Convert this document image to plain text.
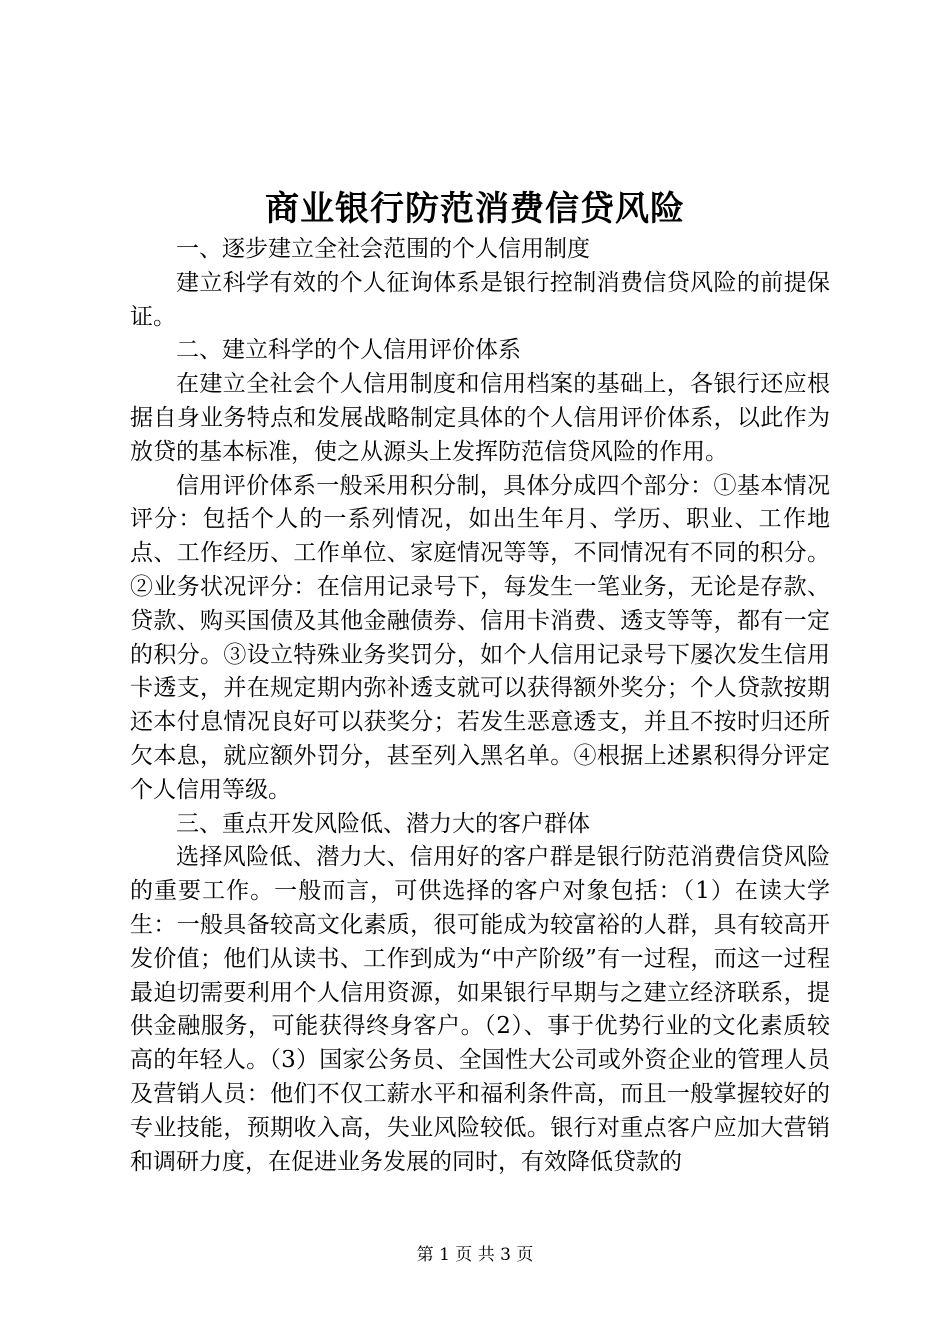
商业银行防范消费信贷风险

一、逐步建立全社会范围的个人信用制度

建立科学有效的个人征询体系是银行控制消费信贷风险的前提保证。

二、建立科学的个人信用评价体系

在建立全社会个人信用制度和信用档案的基础上，各银行还应根据自身业务特点和发展战略制定具体的个人信用评价体系，以此作为放贷的基本标准，使之从源头上发挥防范信贷风险的作用。

信用评价体系一般采用积分制，具体分成四个部分：①基本情况评分：包括个人的一系列情况，如出生年月、学历、职业、工作地点、工作经历、工作单位、家庭情况等等，不同情况有不同的积分。②业务状况评分：在信用记录号下，每发生一笔业务，无论是存款、贷款、购买国债及其他金融债券、信用卡消费、透支等等，都有一定的积分。③设立特殊业务奖罚分，如个人信用记录号下屡次发生信用卡透支，并在规定期内弥补透支就可以获得额外奖分；个人贷款按期还本付息情况良好可以获奖分；若发生恶意透支，并且不按时归还所欠本息，就应额外罚分，甚至列入黑名单。④根据上述累积得分评定个人信用等级。

三、重点开发风险低、潜力大的客户群体

选择风险低、潜力大、信用好的客户群是银行防范消费信贷风险的重要工作。一般而言，可供选择的客户对象包括：（1）在读大学生：一般具备较高文化素质，很可能成为较富裕的人群，具有较高开发价值；他们从读书、工作到成为“中产阶级”有一过程，而这一过程最迫切需要利用个人信用资源，如果银行早期与之建立经济联系，提供金融服务，可能获得终身客户。（2）、事于优势行业的文化素质较高的年轻人。（3）国家公务员、全国性大公司或外资企业的管理人员及营销人员：他们不仅工薪水平和福利条件高，而且一般掌握较好的专业技能，预期收入高，失业风险较低。银行对重点客户应加大营销和调研力度，在促进业务发展的同时，有效降低贷款的

第 1 页 共 3 页
